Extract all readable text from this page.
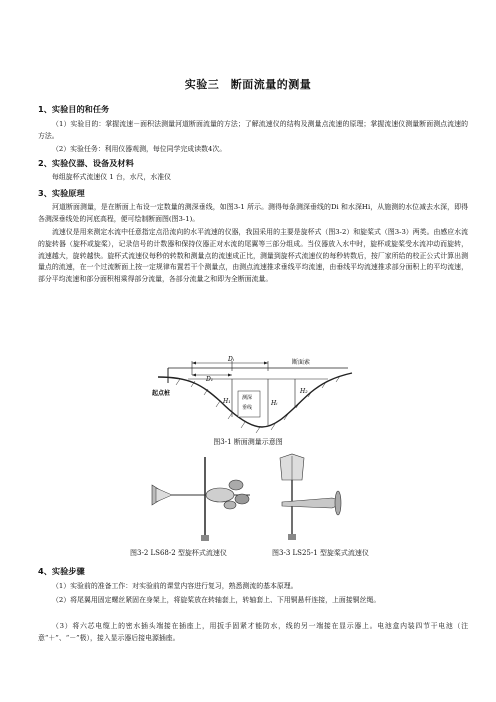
实验三　断面流量的测量
1、实验目的和任务

（1）实验目的：掌握流速－面积法测量河道断面流量的方法；了解流速仪的结构及测量点流速的原理；掌握流速仪测量断面测点流速的方法。

（2）实验任务：利用仪器观测，每位同学完成读数4次。

2、实验仪器、设备及材料

每组旋杯式流速仪 1 台，水尺，水准仪

3、实验原理

河道断面测量，是在断面上布设一定数量的测深垂线，如图3-1 所示。测得每条测深垂线的Di 和水深Hi，从施测的水位减去水深，即得各测深垂线处的河底高程，便可绘制断面图(图3-1)。

流速仪是用来测定水流中任意指定点沿流向的水平流速的仪器，我国采用的主要是旋杯式（图3-2）和旋桨式（图3-3）两类。由感应水流的旋转器（旋杯或旋桨），记录信号的计数器和保持仪器正对水流的尾翼等三部分组成。当仪器放入水中时，旋杯或旋桨受水流冲动而旋转，流速越大，旋转越快。旋杯式流速仪每秒的转数和测量点的流速成正比，测量到旋杯式流速仪的每秒转数后，按厂家所给的校正公式计算出测量点的流速，在一个过流断面上按一定规律布置若干个测量点，由测点流速推求垂线平均流速，由垂线平均流速推求部分面积上的平均流速，部分平均流速和部分面积相乘得部分流量，各部分流量之和即为全断面流量。

Dᵢ
D₁
断面索
起点桩
H₁	Hᵢ
测深
垂线
H₂
图3-1 断面测量示意图
图3-2 LS68-2 型旋杯式流速仪	图3-3 LS25-1 型旋桨式流速仪
4、实验步骤

（1）实验前的准备工作：对实验前的课堂内容进行复习，熟悉测流的基本原理。

（2）将尾翼用固定螺丝紧固在身架上，将旋桨放在转轴套上，转轴套上、下用铜悬杆连接，上面接铜丝绳。

（3）将六芯电缆上的密水插头端接在插座上，用扳手固紧才能防水，线的另一端接在显示器上。电池盒内装四节干电池（注意“＋”、“－”极），接入显示器后接电源插座。
